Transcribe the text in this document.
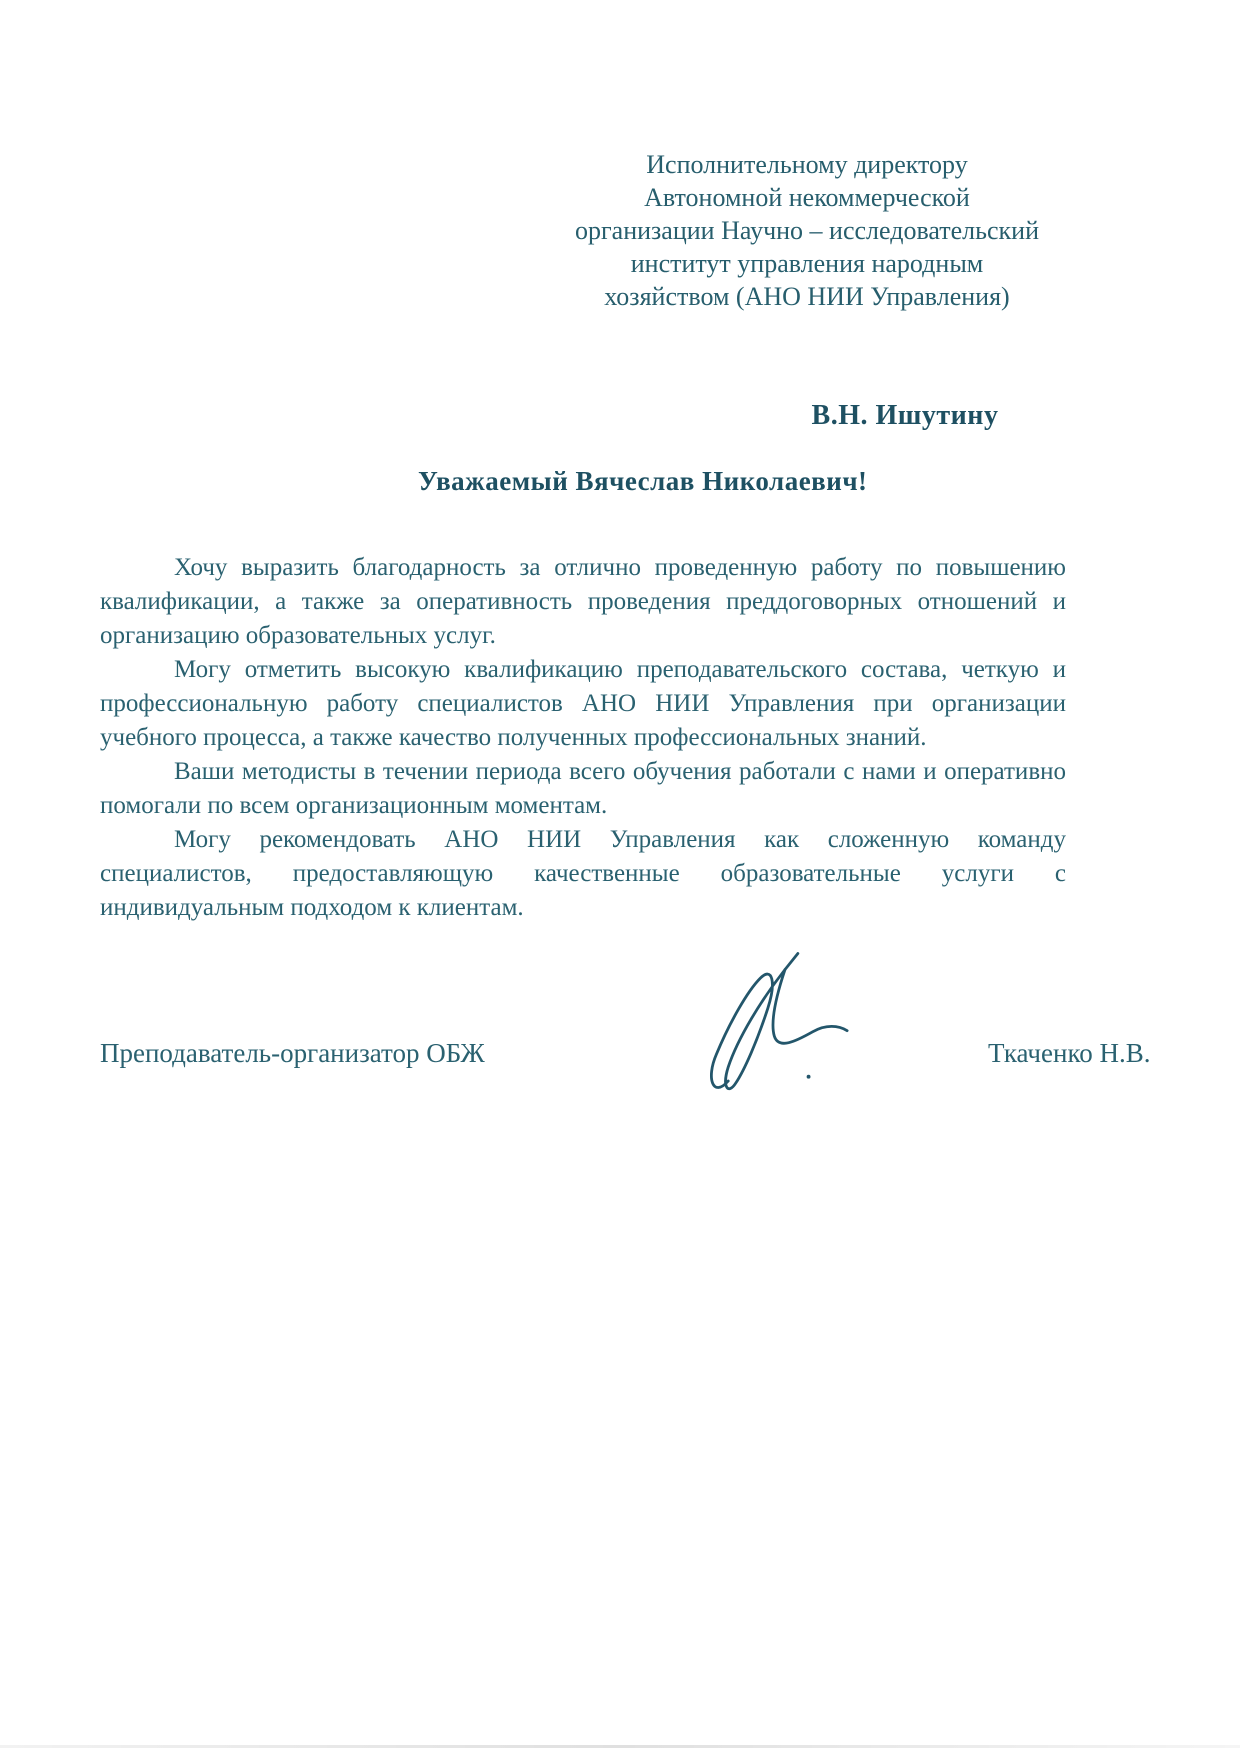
Исполнительному директору
Автономной некоммерческой
организации Научно – исследовательский
институт управления народным
хозяйством (АНО НИИ Управления)
В.Н. Ишутину
Уважаемый Вячеслав Николаевич!

Хочу выразить благодарность за отлично проведенную работу по повышению квалификации, а также за оперативность проведения преддоговорных отношений и организацию образовательных услуг.

Могу отметить высокую квалификацию преподавательского состава, четкую и профессиональную работу специалистов АНО НИИ Управления при организации учебного процесса, а также качество полученных профессиональных знаний.

Ваши методисты в течении периода всего обучения работали с нами и оперативно помогали по всем организационным моментам.

Могу рекомендовать АНО НИИ Управления как сложенную команду специалистов, предоставляющую качественные образовательные услуги с индивидуальным подходом к клиентам.

Преподаватель-организатор ОБЖ	Ткаченко Н.В.
